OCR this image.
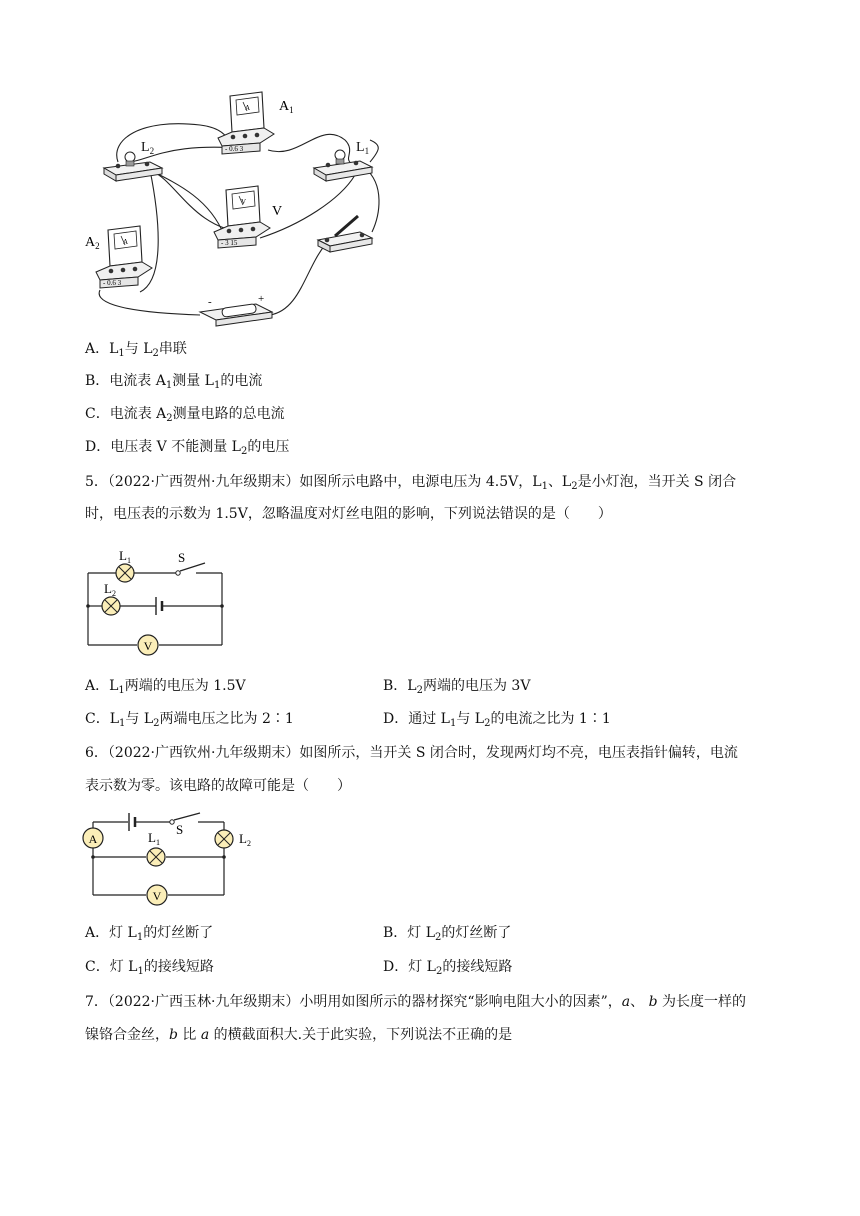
$L_2$	$L_1$
A
- 0.6 3
$A_1$
V
- 3 15
V
A
- 0.6 3
$A_2$
-	+
A．$L_1$与 $L_2$串联
B．电流表 $A_1$测量 $L_1$的电流
C．电流表 $A_2$测量电路的总电流
D．电压表 V 不能测量 $L_2$的电压
5．（2022·广西贺州·九年级期末）如图所示电路中，电源电压为 4.5V，$L_1$、$L_2$是小灯泡，当开关 S 闭合
时，电压表的示数为 1.5V，忽略温度对灯丝电阻的影响，下列说法错误的是（　　）
V
$L_1$
$L_2$
S
A．$L_1$两端的电压为 1.5V	B．$L_2$两端的电压为 3V
C．$L_1$与 $L_2$两端电压之比为 2∶1	D．通过 $L_1$与 $L_2$的电流之比为 1∶1
6．（2022·广西钦州·九年级期末）如图所示，当开关 S 闭合时，发现两灯均不亮，电压表指针偏转，电流
表示数为零。该电路的故障可能是（　　）
A
V
S
$L_1$	$L_2$
A．灯 $L_1$的灯丝断了	B．灯 $L_2$的灯丝断了
C．灯 $L_1$的接线短路	D．灯 $L_2$的接线短路
7．（2022·广西玉林·九年级期末）小明用如图所示的器材探究“影响电阻大小的因素”，a、 b 为长度一样的
镍铬合金丝，b 比 a 的横截面积大.关于此实验，下列说法不正确的是
